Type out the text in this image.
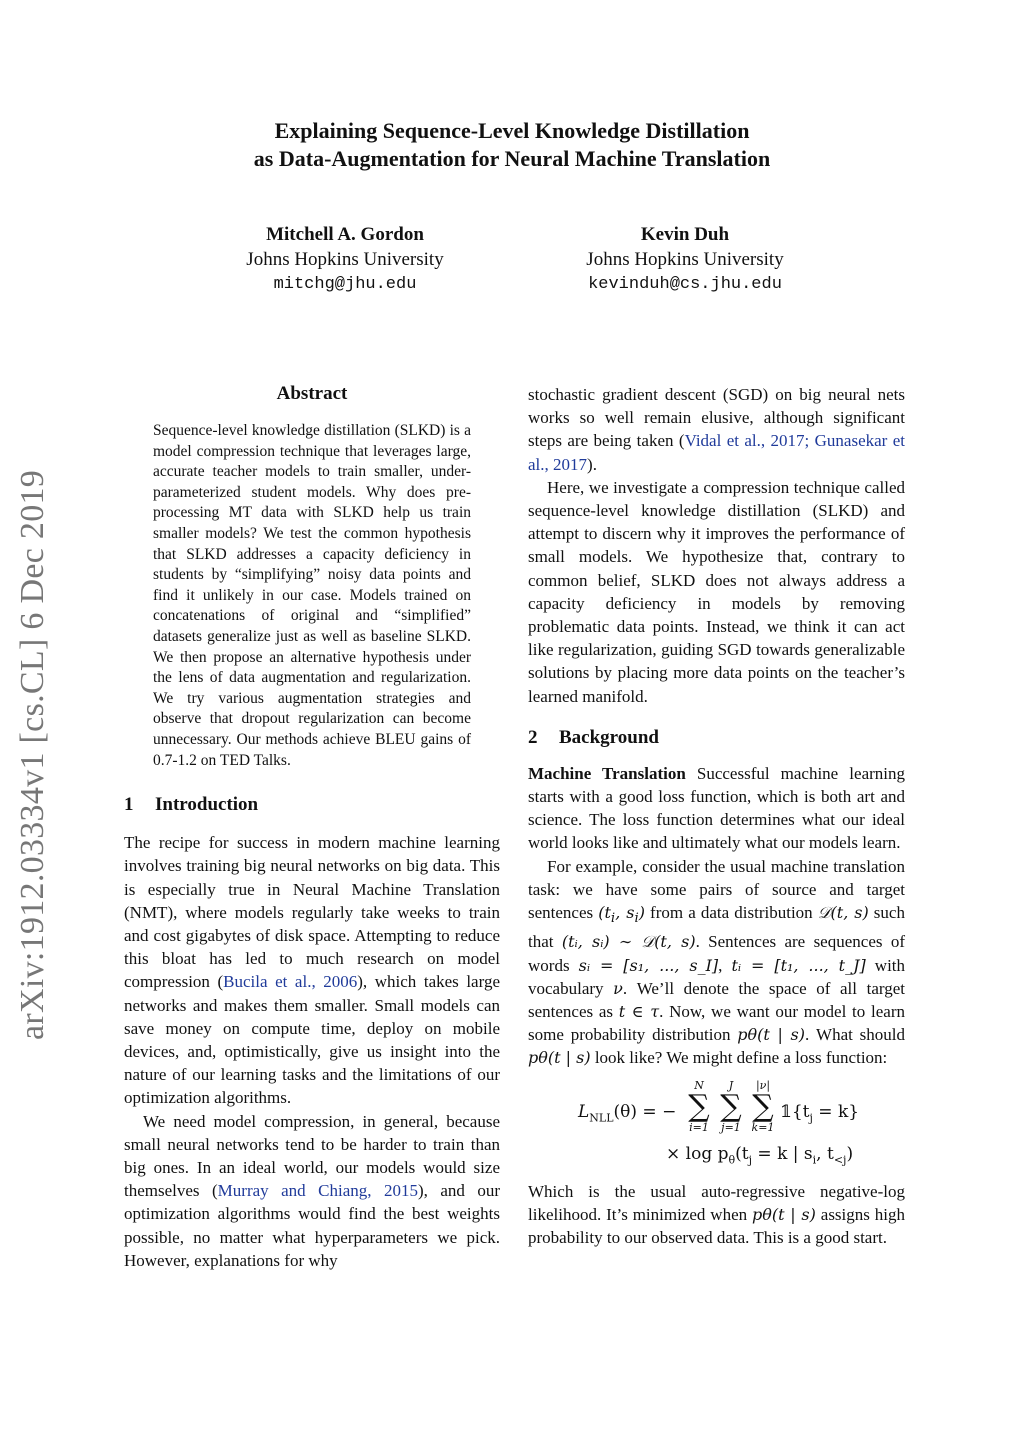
arXiv:1912.03334v1 [cs.CL] 6 Dec 2019
Explaining Sequence-Level Knowledge Distillation
as Data-Augmentation for Neural Machine Translation
Mitchell A. Gordon
Johns Hopkins University
mitchg@jhu.edu
Kevin Duh
Johns Hopkins University
kevinduh@cs.jhu.edu
Abstract

Sequence-level knowledge distillation (SLKD) is a model compression technique that leverages large, accurate teacher models to train smaller, under-parameterized student models. Why does pre-processing MT data with SLKD help us train smaller models? We test the common hypothesis that SLKD addresses a capacity deficiency in students by “simplifying” noisy data points and find it unlikely in our case. Models trained on concatenations of original and “simplified” datasets generalize just as well as baseline SLKD. We then propose an alternative hypothesis under the lens of data augmentation and regularization. We try various augmentation strategies and observe that dropout regularization can become unnecessary. Our methods achieve BLEU gains of 0.7-1.2 on TED Talks.

1 Introduction

The recipe for success in modern machine learning involves training big neural networks on big data. This is especially true in Neural Machine Translation (NMT), where models regularly take weeks to train and cost gigabytes of disk space. Attempting to reduce this bloat has led to much research on model compression (Bucila et al., 2006), which takes large networks and makes them smaller. Small models can save money on compute time, deploy on mobile devices, and, optimistically, give us insight into the nature of our learning tasks and the limitations of our optimization algorithms.

We need model compression, in general, because small neural networks tend to be harder to train than big ones. In an ideal world, our models would size themselves (Murray and Chiang, 2015), and our optimization algorithms would find the best weights possible, no matter what hyperparameters we pick. However, explanations for why

stochastic gradient descent (SGD) on big neural nets works so well remain elusive, although significant steps are being taken (Vidal et al., 2017; Gunasekar et al., 2017).

Here, we investigate a compression technique called sequence-level knowledge distillation (SLKD) and attempt to discern why it improves the performance of small models. We hypothesize that, contrary to common belief, SLKD does not always address a capacity deficiency in models by removing problematic data points. Instead, we think it can act like regularization, guiding SGD towards generalizable solutions by placing more data points on the teacher’s learned manifold.

2 Background

Machine Translation Successful machine learning starts with a good loss function, which is both art and science. The loss function determines what our ideal world looks like and ultimately what our models learn.

For example, consider the usual machine translation task: we have some pairs of source and target sentences ($t_i$, $s_i$) from a data distribution 𝒟(t, s) such that (tᵢ, sᵢ) ∼ 𝒟(t, s). Sentences are sequences of words sᵢ = [s₁, ..., s_I], tᵢ = [t₁, ..., t_J] with vocabulary ν. We’ll denote the space of all target sentences as t ∈ τ. Now, we want our model to learn some probability distribution pθ(t | s). What should pθ(t | s) look like? We might define a loss function:

$L_{NLL}(\theta)$ = −
N
∑
i=1
J
∑
j=1
|ν|
∑
k=1
$𝟙\{t_j = k\}$
× $\log p_\theta(t_j = k$ | $s_i$, $t_{<j}$)

Which is the usual auto-regressive negative-log likelihood. It’s minimized when pθ(t | s) assigns high probability to our observed data. This is a good start.
